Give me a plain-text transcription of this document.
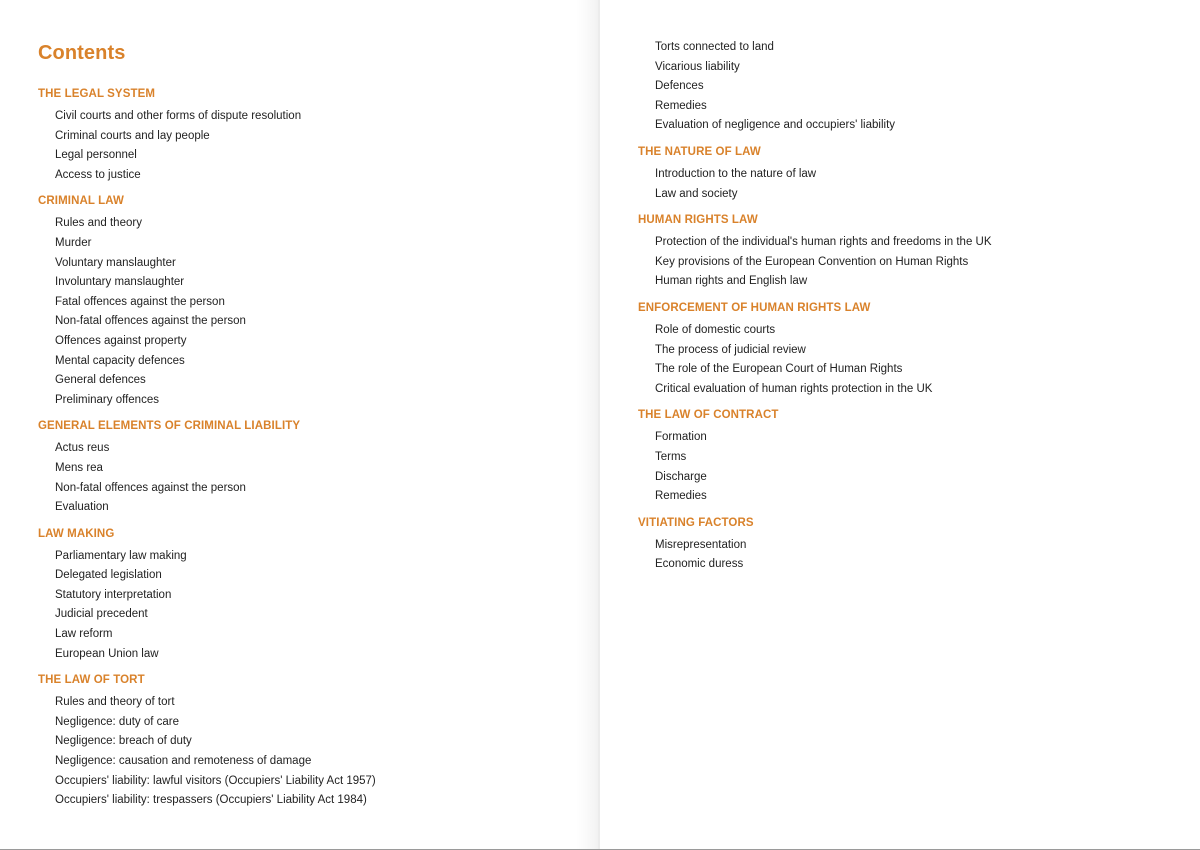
Contents
THE LEGAL SYSTEM
Civil courts and other forms of dispute resolution
Criminal courts and lay people
Legal personnel
Access to justice
CRIMINAL LAW
Rules and theory
Murder
Voluntary manslaughter
Involuntary manslaughter
Fatal offences against the person
Non-fatal offences against the person
Offences against property
Mental capacity defences
General defences
Preliminary offences
GENERAL ELEMENTS OF CRIMINAL LIABILITY
Actus reus
Mens rea
Non-fatal offences against the person
Evaluation
LAW MAKING
Parliamentary law making
Delegated legislation
Statutory interpretation
Judicial precedent
Law reform
European Union law
THE LAW OF TORT
Rules and theory of tort
Negligence: duty of care
Negligence: breach of duty
Negligence: causation and remoteness of damage
Occupiers' liability: lawful visitors (Occupiers' Liability Act 1957)
Occupiers' liability: trespassers (Occupiers' Liability Act 1984)
Torts connected to land
Vicarious liability
Defences
Remedies
Evaluation of negligence and occupiers' liability
THE NATURE OF LAW
Introduction to the nature of law
Law and society
HUMAN RIGHTS LAW
Protection of the individual's human rights and freedoms in the UK
Key provisions of the European Convention on Human Rights
Human rights and English law
ENFORCEMENT OF HUMAN RIGHTS LAW
Role of domestic courts
The process of judicial review
The role of the European Court of Human Rights
Critical evaluation of human rights protection in the UK
THE LAW OF CONTRACT
Formation
Terms
Discharge
Remedies
VITIATING FACTORS
Misrepresentation
Economic duress
